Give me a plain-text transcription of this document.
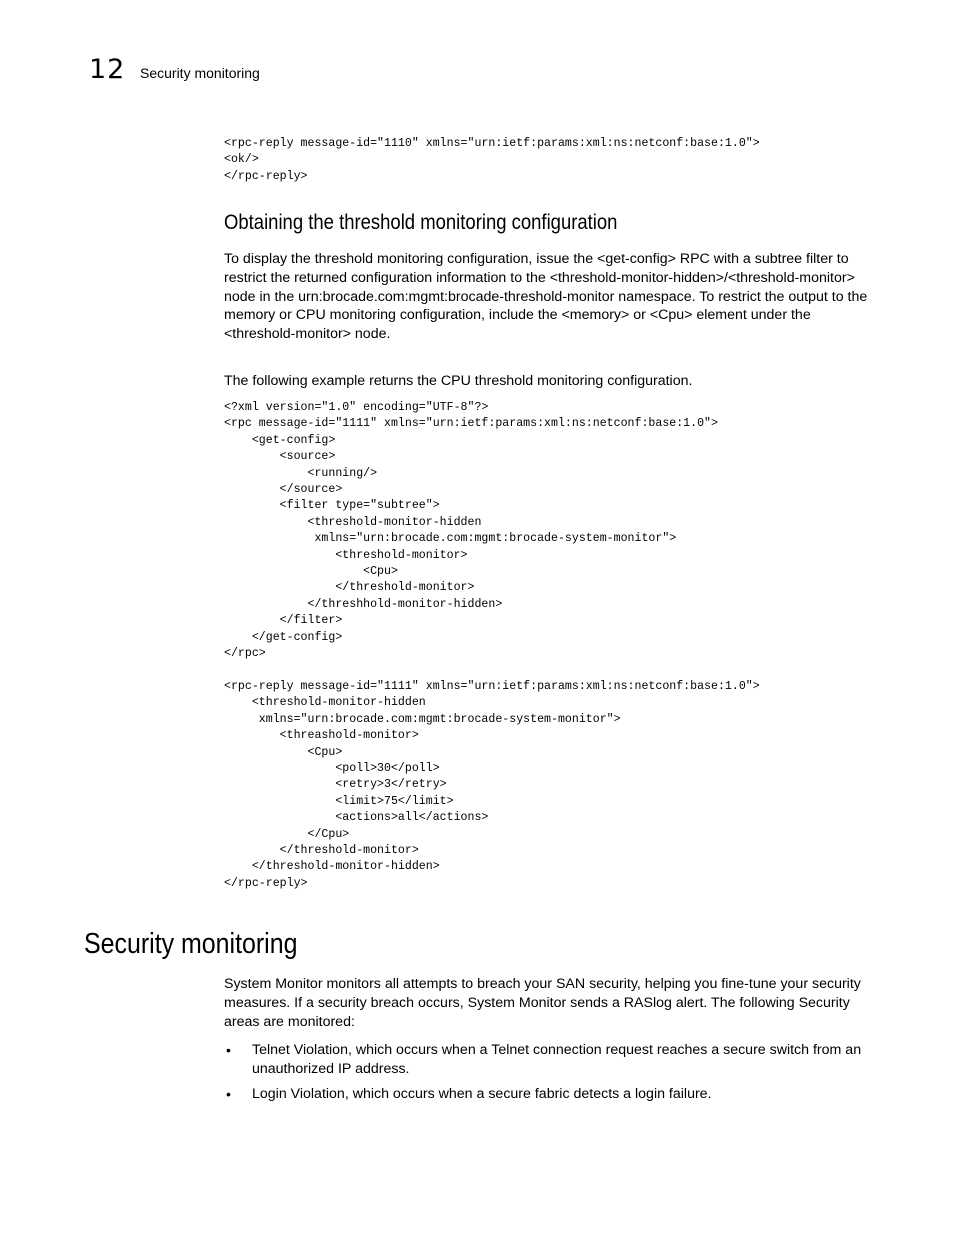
12 Security monitoring
<rpc-reply message-id="1110" xmlns="urn:ietf:params:xml:ns:netconf:base:1.0">
<ok/>
</rpc-reply>
Obtaining the threshold monitoring configuration

To display the threshold monitoring configuration, issue the <get-config> RPC with a subtree filter to restrict the returned configuration information to the <threshold-monitor-hidden>/<threshold-monitor> node in the urn:brocade.com:mgmt:brocade-threshold-monitor namespace. To restrict the output to the memory or CPU monitoring configuration, include the <memory> or <Cpu> element under the <threshold-monitor> node.

The following example returns the CPU threshold monitoring configuration.

<?xml version="1.0" encoding="UTF-8"?>
<rpc message-id="1111" xmlns="urn:ietf:params:xml:ns:netconf:base:1.0">
<get-config>
<source>
<running/>
</source>
<filter type="subtree">
<threshold-monitor-hidden
xmlns="urn:brocade.com:mgmt:brocade-system-monitor">
<threshold-monitor>
<Cpu>
</threshold-monitor>
</threshhold-monitor-hidden>
</filter>
</get-config>
</rpc>
<rpc-reply message-id="1111" xmlns="urn:ietf:params:xml:ns:netconf:base:1.0">
<threshold-monitor-hidden
xmlns="urn:brocade.com:mgmt:brocade-system-monitor">
<threashold-monitor>
<Cpu>
<poll>30</poll>
<retry>3</retry>
<limit>75</limit>
<actions>all</actions>
</Cpu>
</threshold-monitor>
</threshold-monitor-hidden>
</rpc-reply>
Security monitoring

System Monitor monitors all attempts to breach your SAN security, helping you fine-tune your security measures. If a security breach occurs, System Monitor sends a RASlog alert. The following Security areas are monitored:

• Telnet Violation, which occurs when a Telnet connection request reaches a secure switch from an unauthorized IP address.
• Login Violation, which occurs when a secure fabric detects a login failure.
